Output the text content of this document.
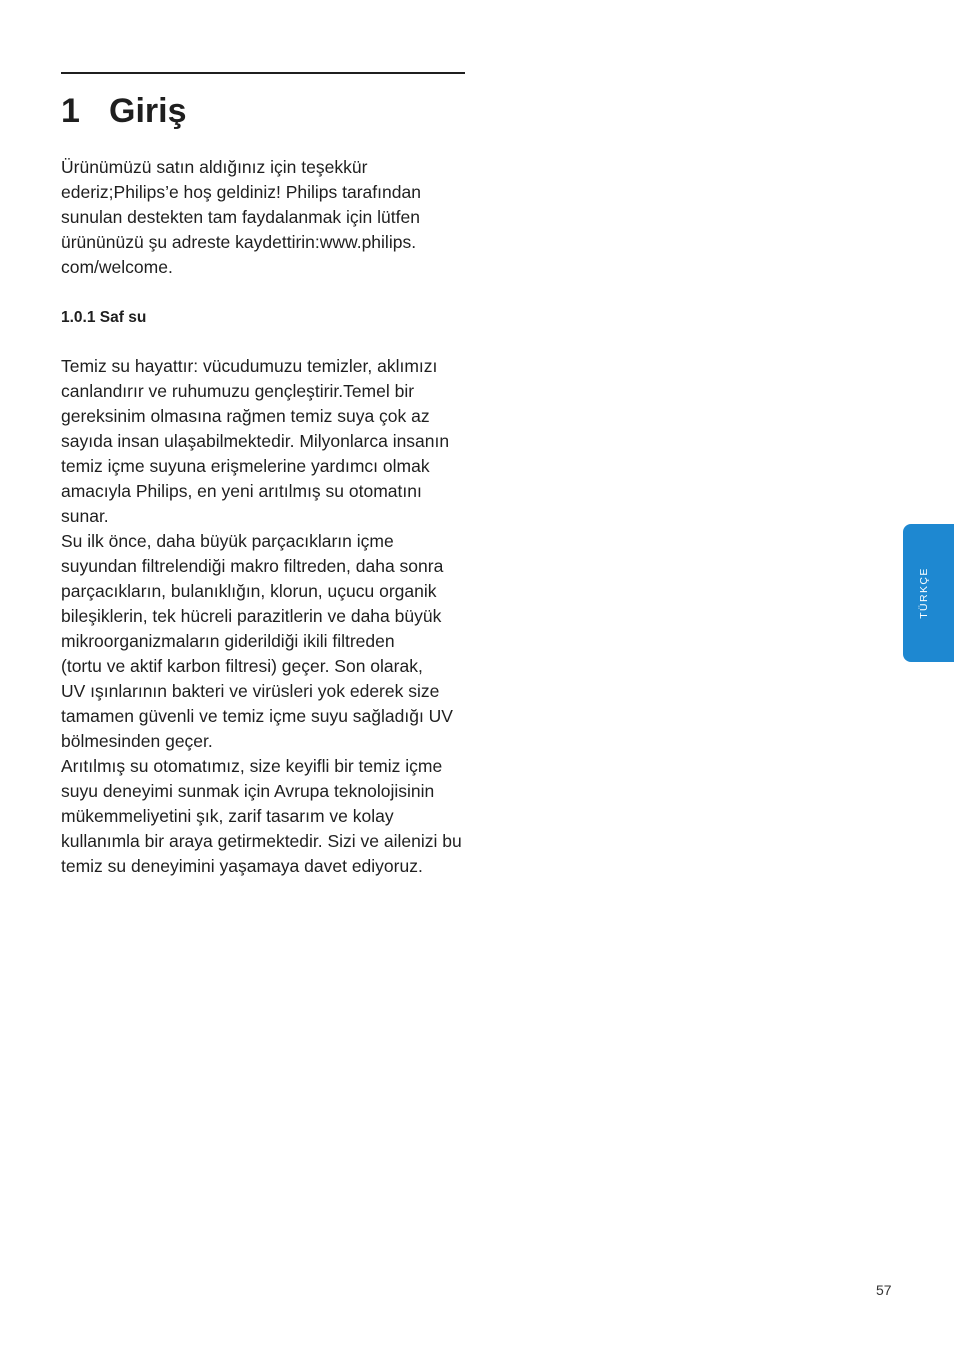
1 Giriş
Ürünümüzü satın aldığınız için teşekkür
ederiz;Philips’e hoş geldiniz! Philips tarafından
sunulan destekten tam faydalanmak için lütfen
ürününüzü şu adreste kaydettirin:www.philips.
com/welcome.
1.0.1 Saf su
Temiz su hayattır: vücudumuzu temizler, aklımızı
canlandırır ve ruhumuzu gençleştirir.Temel bir
gereksinim olmasına rağmen temiz suya çok az
sayıda insan ulaşabilmektedir. Milyonlarca insanın
temiz içme suyuna erişmelerine yardımcı olmak
amacıyla Philips, en yeni arıtılmış su otomatını
sunar.
Su ilk önce, daha büyük parçacıkların içme
suyundan filtrelendiği makro filtreden, daha sonra
parçacıkların, bulanıklığın, klorun, uçucu organik
bileşiklerin, tek hücreli parazitlerin ve daha büyük
mikroorganizmaların giderildiği ikili filtreden
(tortu ve aktif karbon filtresi) geçer. Son olarak,
UV ışınlarının bakteri ve virüsleri yok ederek size
tamamen güvenli ve temiz içme suyu sağladığı UV
bölmesinden geçer.
Arıtılmış su otomatımız, size keyifli bir temiz içme
suyu deneyimi sunmak için Avrupa teknolojisinin
mükemmeliyetini şık, zarif tasarım ve kolay
kullanımla bir araya getirmektedir. Sizi ve ailenizi bu
temiz su deneyimini yaşamaya davet ediyoruz.
TÜRKÇE
57
